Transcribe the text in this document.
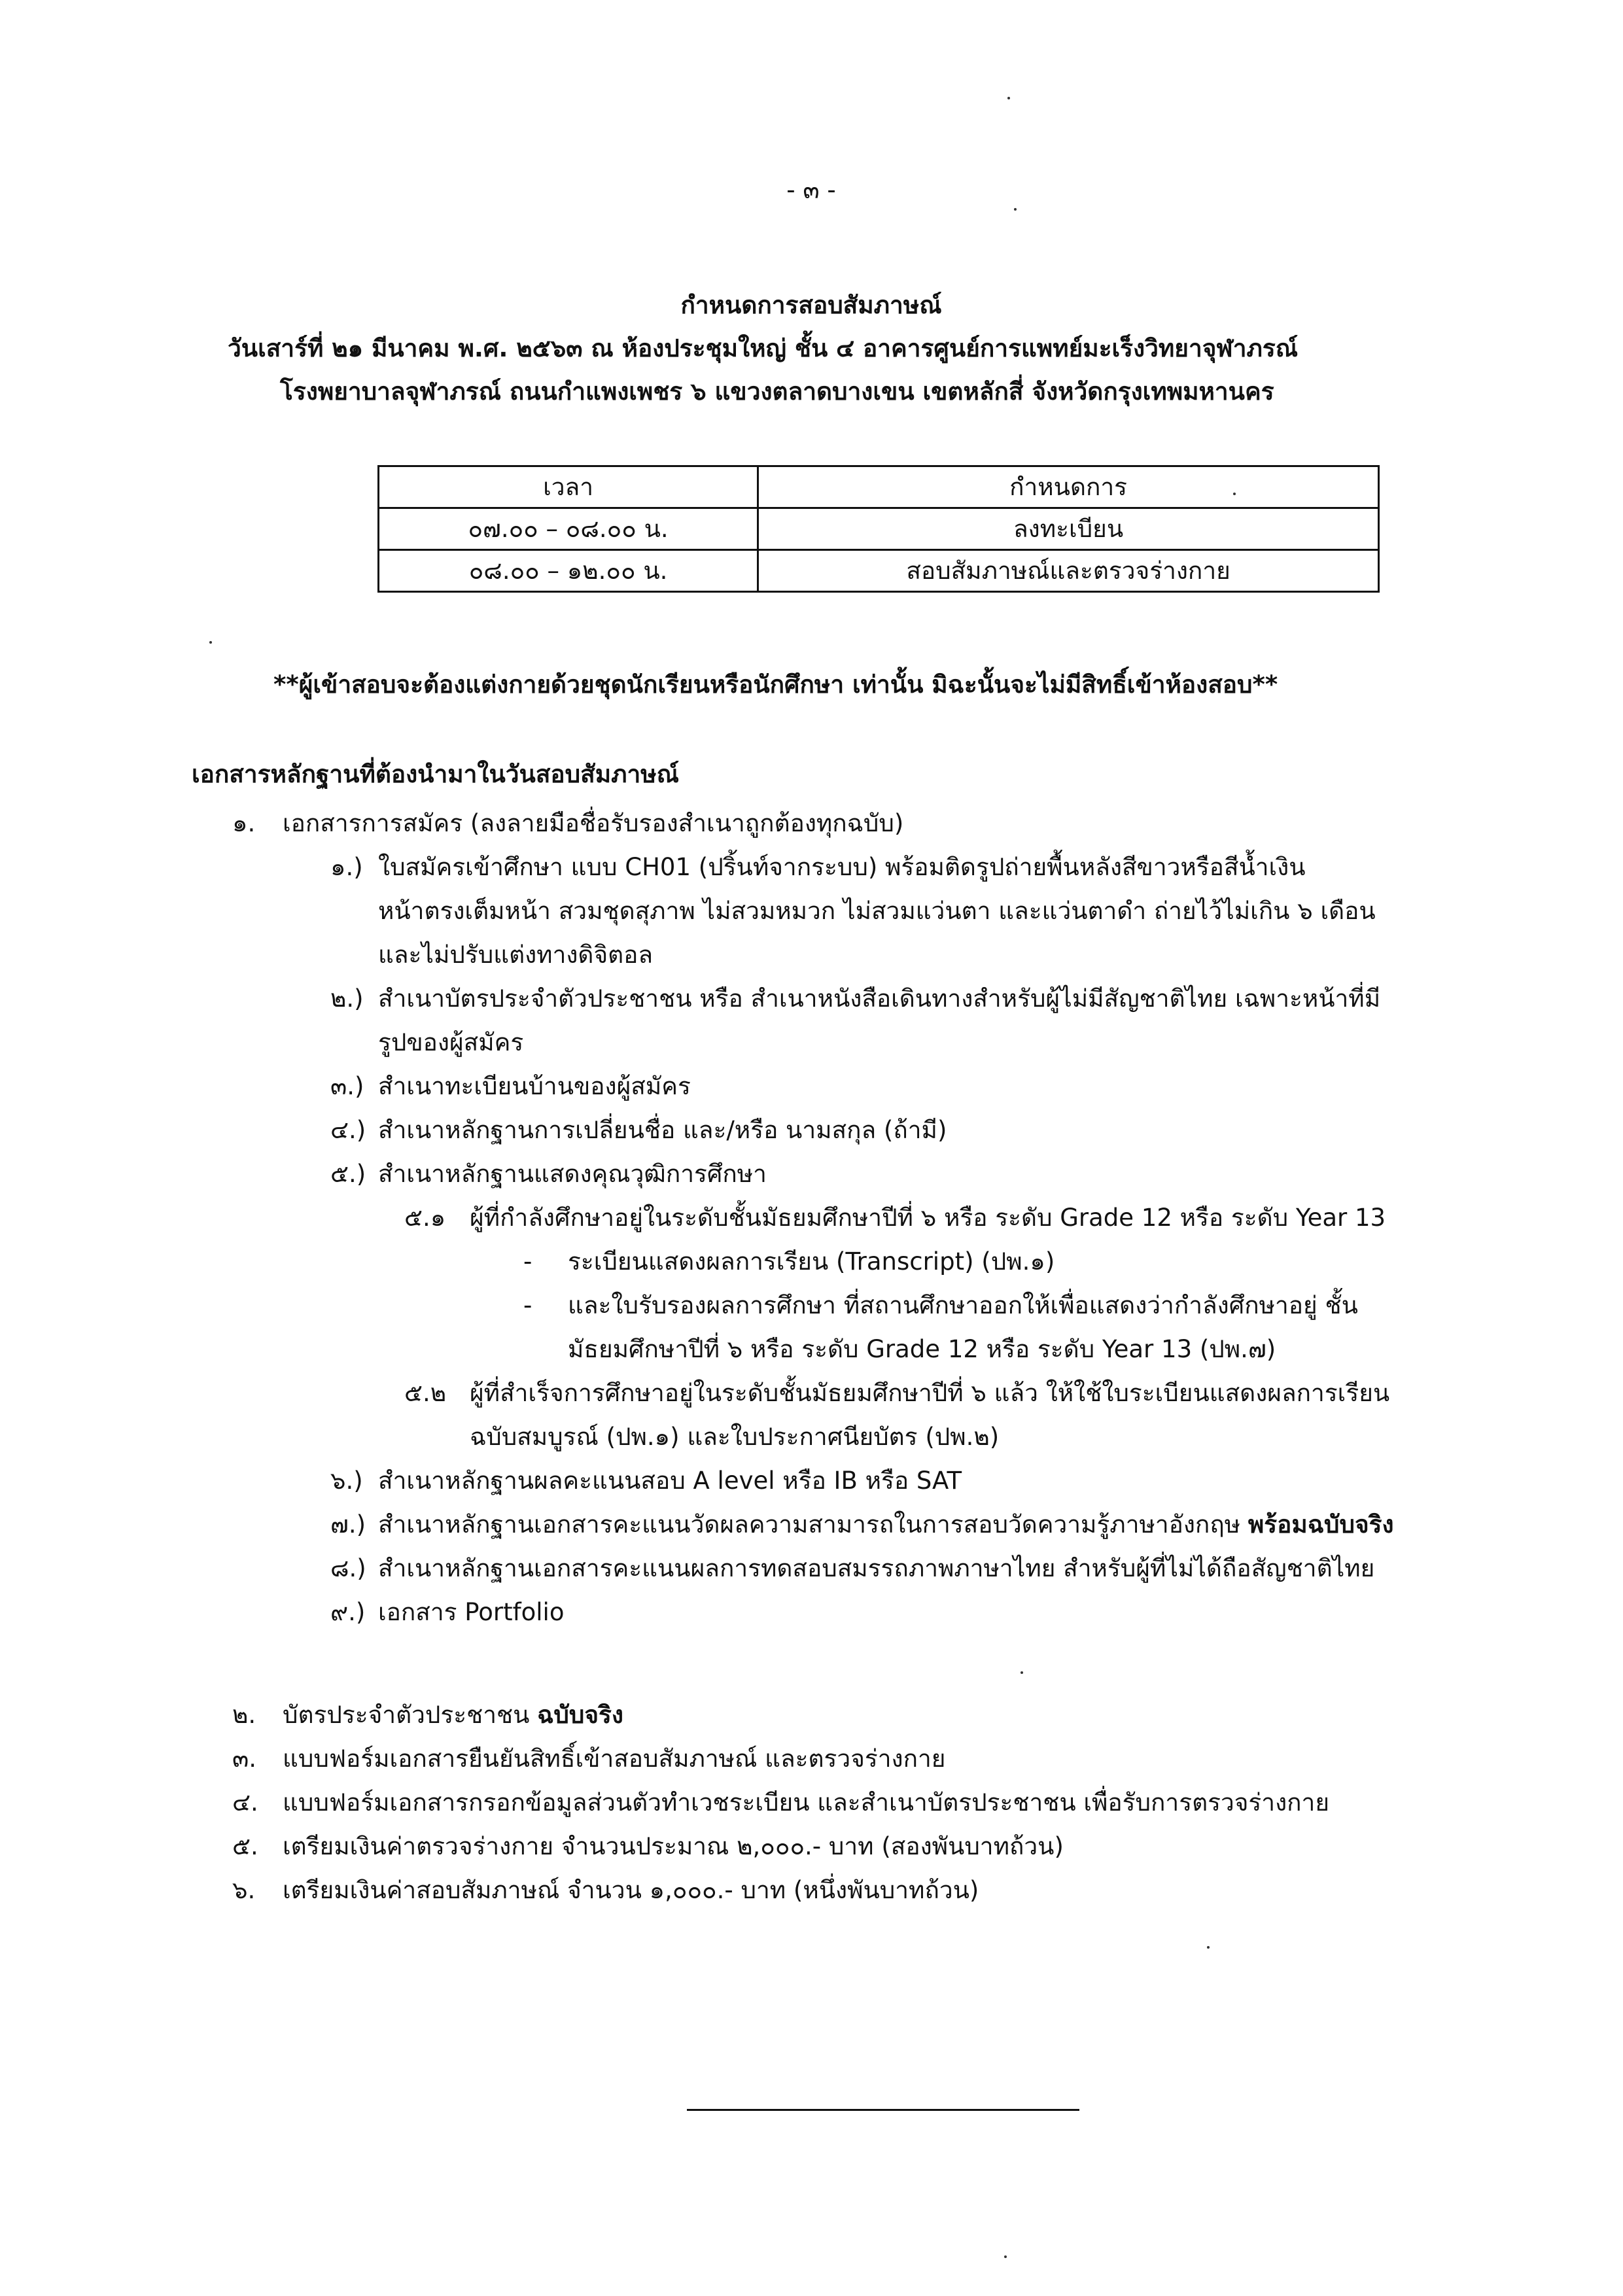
- ๓ -
กำหนดการสอบสัมภาษณ์
วันเสาร์ที่ ๒๑ มีนาคม พ.ศ. ๒๕๖๓ ณ ห้องประชุมใหญ่ ชั้น ๔ อาคารศูนย์การแพทย์มะเร็งวิทยาจุฬาภรณ์
โรงพยาบาลจุฬาภรณ์ ถนนกำแพงเพชร ๖ แขวงตลาดบางเขน เขตหลักสี่ จังหวัดกรุงเทพมหานคร
เวลา	กำหนดการ
๐๗.๐๐ – ๐๘.๐๐ น.	ลงทะเบียน
๐๘.๐๐ – ๑๒.๐๐ น.	สอบสัมภาษณ์และตรวจร่างกาย
**ผู้เข้าสอบจะต้องแต่งกายด้วยชุดนักเรียนหรือนักศึกษา เท่านั้น มิฉะนั้นจะไม่มีสิทธิ์เข้าห้องสอบ**
เอกสารหลักฐานที่ต้องนำมาในวันสอบสัมภาษณ์
๑. เอกสารการสมัคร (ลงลายมือชื่อรับรองสำเนาถูกต้องทุกฉบับ)
๑.) ใบสมัครเข้าศึกษา แบบ CH01 (ปริ้นท์จากระบบ) พร้อมติดรูปถ่ายพื้นหลังสีขาวหรือสีน้ำเงิน
หน้าตรงเต็มหน้า สวมชุดสุภาพ ไม่สวมหมวก ไม่สวมแว่นตา และแว่นตาดำ ถ่ายไว้ไม่เกิน ๖ เดือน
และไม่ปรับแต่งทางดิจิตอล
๒.) สำเนาบัตรประจำตัวประชาชน หรือ สำเนาหนังสือเดินทางสำหรับผู้ไม่มีสัญชาติไทย เฉพาะหน้าที่มี
รูปของผู้สมัคร
๓.) สำเนาทะเบียนบ้านของผู้สมัคร
๔.) สำเนาหลักฐานการเปลี่ยนชื่อ และ/หรือ นามสกุล (ถ้ามี)
๕.) สำเนาหลักฐานแสดงคุณวุฒิการศึกษา
๕.๑ ผู้ที่กำลังศึกษาอยู่ในระดับชั้นมัธยมศึกษาปีที่ ๖ หรือ ระดับ Grade 12 หรือ ระดับ Year 13
- ระเบียนแสดงผลการเรียน (Transcript) (ปพ.๑)
- และใบรับรองผลการศึกษา ที่สถานศึกษาออกให้เพื่อแสดงว่ากำลังศึกษาอยู่ ชั้น
มัธยมศึกษาปีที่ ๖ หรือ ระดับ Grade 12 หรือ ระดับ Year 13 (ปพ.๗)
๕.๒ ผู้ที่สำเร็จการศึกษาอยู่ในระดับชั้นมัธยมศึกษาปีที่ ๖ แล้ว ให้ใช้ใบระเบียนแสดงผลการเรียน
ฉบับสมบูรณ์ (ปพ.๑) และใบประกาศนียบัตร (ปพ.๒)
๖.) สำเนาหลักฐานผลคะแนนสอบ A level หรือ IB หรือ SAT
๗.) สำเนาหลักฐานเอกสารคะแนนวัดผลความสามารถในการสอบวัดความรู้ภาษาอังกฤษ พร้อมฉบับจริง
๘.) สำเนาหลักฐานเอกสารคะแนนผลการทดสอบสมรรถภาพภาษาไทย สำหรับผู้ที่ไม่ได้ถือสัญชาติไทย
๙.) เอกสาร Portfolio
๒. บัตรประจำตัวประชาชน ฉบับจริง
๓. แบบฟอร์มเอกสารยืนยันสิทธิ์เข้าสอบสัมภาษณ์ และตรวจร่างกาย
๔. แบบฟอร์มเอกสารกรอกข้อมูลส่วนตัวทำเวชระเบียน และสำเนาบัตรประชาชน เพื่อรับการตรวจร่างกาย
๕. เตรียมเงินค่าตรวจร่างกาย จำนวนประมาณ ๒,๐๐๐.- บาท (สองพันบาทถ้วน)
๖. เตรียมเงินค่าสอบสัมภาษณ์ จำนวน ๑,๐๐๐.- บาท (หนึ่งพันบาทถ้วน)
